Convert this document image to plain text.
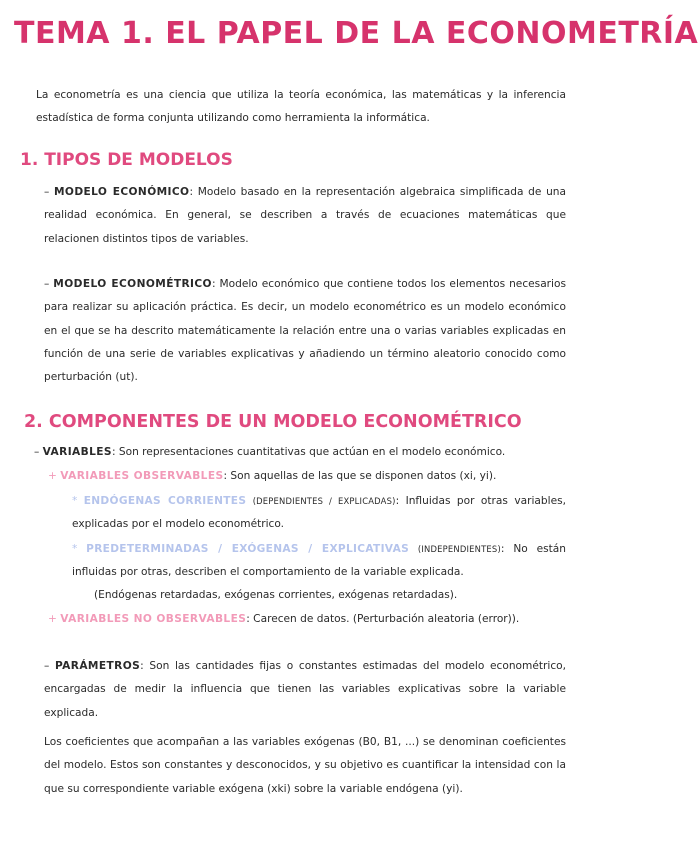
TEMA 1. EL PAPEL DE LA ECONOMETRÍA
La econometría es una ciencia que utiliza la teoría económica, las matemáticas y la inferencia estadística de forma conjunta utilizando como herramienta la informática.
1. TIPOS DE MODELOS
– MODELO ECONÓMICO: Modelo basado en la representación algebraica simplificada de una realidad económica. En general, se describen a través de ecuaciones matemáticas que relacionen distintos tipos de variables.
– MODELO ECONOMÉTRICO: Modelo económico que contiene todos los elementos necesarios para realizar su aplicación práctica. Es decir, un modelo econométrico es un modelo económico en el que se ha descrito matemáticamente la relación entre una o varias variables explicadas en función de una serie de variables explicativas y añadiendo un término aleatorio conocido como perturbación (ut).
2. COMPONENTES DE UN MODELO ECONOMÉTRICO
– VARIABLES: Son representaciones cuantitativas que actúan en el modelo económico.
+ VARIABLES OBSERVABLES: Son aquellas de las que se disponen datos (xi, yi).
* ENDÓGENAS CORRIENTES (DEPENDIENTES / EXPLICADAS): Influidas por otras variables, explicadas por el modelo econométrico.
* PREDETERMINADAS / EXÓGENAS / EXPLICATIVAS (INDEPENDIENTES): No están influidas por otras, describen el comportamiento de la variable explicada.
(Endógenas retardadas, exógenas corrientes, exógenas retardadas).
+ VARIABLES NO OBSERVABLES: Carecen de datos. (Perturbación aleatoria (error)).
– PARÁMETROS: Son las cantidades fijas o constantes estimadas del modelo econométrico, encargadas de medir la influencia que tienen las variables explicativas sobre la variable explicada.
Los coeficientes que acompañan a las variables exógenas (B0, B1, ...) se denominan coeficientes del modelo. Estos son constantes y desconocidos, y su objetivo es cuantificar la intensidad con la que su correspondiente variable exógena (xki) sobre la variable endógena (yi).
